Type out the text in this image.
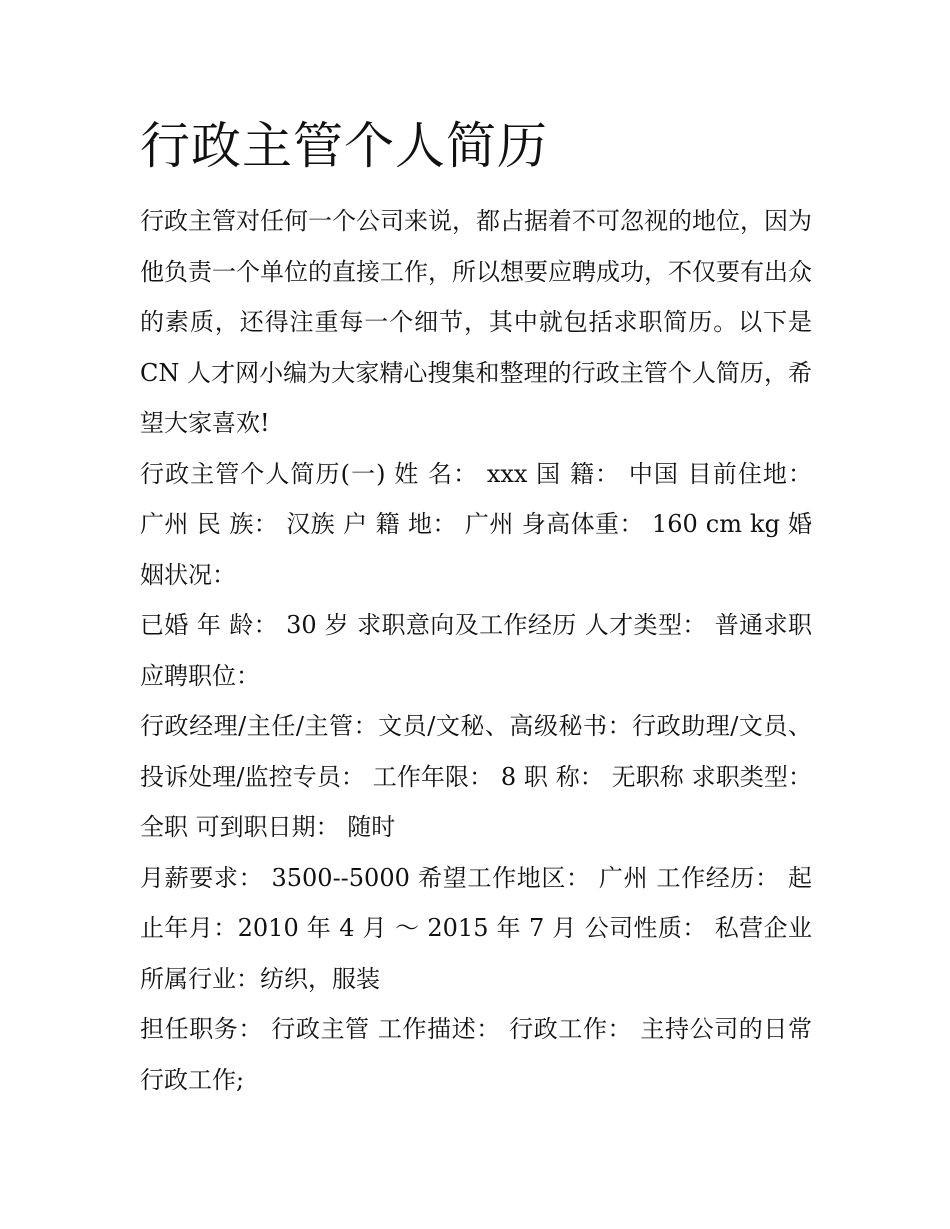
行政主管个人简历

行政主管对任何一个公司来说，都占据着不可忽视的地位，因为他负责一个单位的直接工作，所以想要应聘成功，不仅要有出众的素质，还得注重每一个细节，其中就包括求职简历。以下是 CN 人才网小编为大家精心搜集和整理的行政主管个人简历，希望大家喜欢!

行政主管个人简历(一) 姓 名： xxx 国 籍： 中国 目前住地： 广州 民 族： 汉族 户 籍 地： 广州 身高体重： 160 cm kg 婚姻状况：

已婚 年 龄： 30 岁 求职意向及工作经历 人才类型： 普通求职 应聘职位：

行政经理/主任/主管：文员/文秘、高级秘书：行政助理/文员、投诉处理/监控专员： 工作年限： 8 职 称： 无职称 求职类型： 全职 可到职日期： 随时

月薪要求： 3500--5000 希望工作地区： 广州 工作经历： 起止年月：2010 年 4 月 ～ 2015 年 7 月 公司性质： 私营企业 所属行业：纺织，服装

担任职务： 行政主管 工作描述： 行政工作： 主持公司的日常行政工作;
